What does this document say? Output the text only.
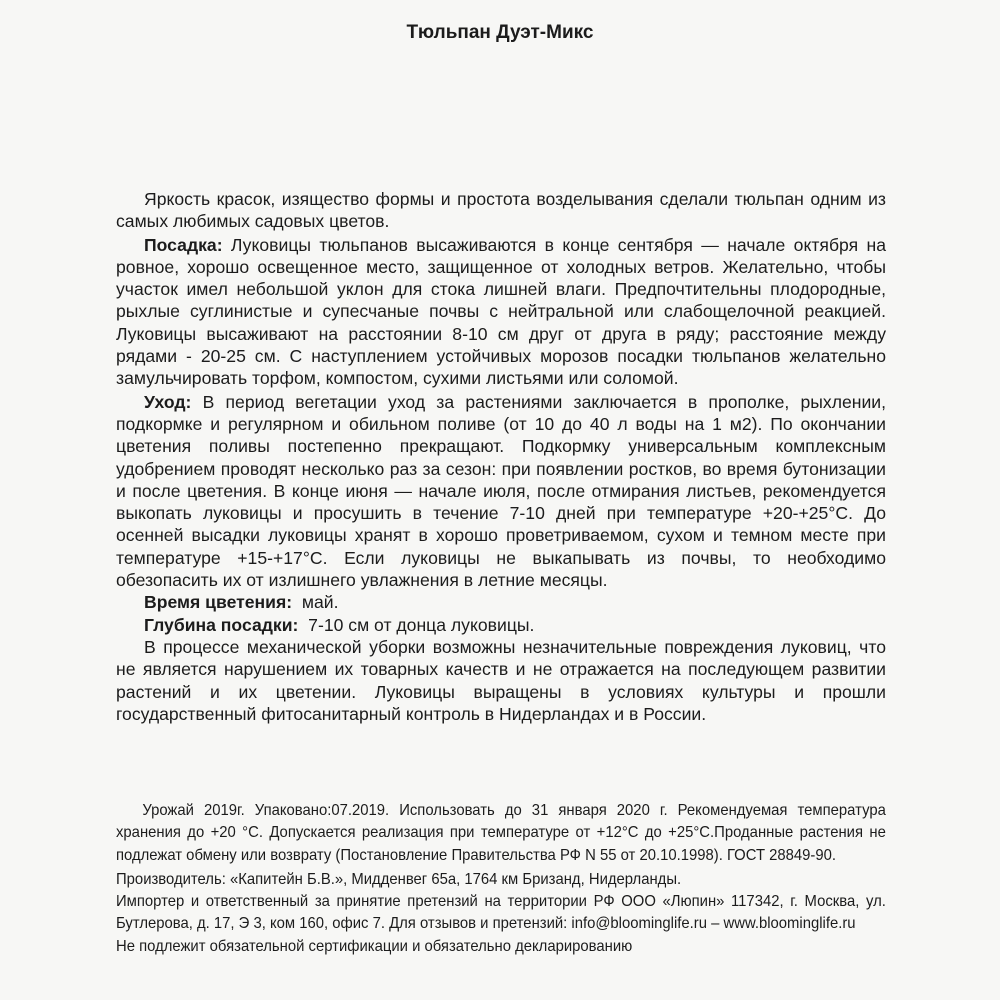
Тюльпан Дуэт-Микс

Яркость красок, изящество формы и простота возделывания сделали тюльпан одним из самых любимых садовых цветов.

Посадка: Луковицы тюльпанов высаживаются в конце сентября — начале октября на ровное, хорошо освещенное место, защищенное от холодных ветров. Желательно, чтобы участок имел небольшой уклон для стока лишней влаги. Предпочтительны плодородные, рыхлые суглинистые и супесчаные почвы с нейтральной или слабощелочной реакцией. Луковицы высаживают на расстоянии 8-10 см друг от друга в ряду; расстояние между рядами - 20-25 см. С наступлением устойчивых морозов посадки тюльпанов желательно замульчировать торфом, компостом, сухими листьями или соломой.

Уход: В период вегетации уход за растениями заключается в прополке, рыхлении, подкормке и регулярном и обильном поливе (от 10 до 40 л воды на 1 м2). По окончании цветения поливы постепенно прекращают. Подкормку универсальным комплексным удобрением проводят несколько раз за сезон: при появлении ростков, во время бутонизации и после цветения. В конце июня — начале июля, после отмирания листьев, рекомендуется выкопать луковицы и просушить в течение 7-10 дней при температуре +20-+25°С. До осенней высадки луковицы хранят в хорошо проветриваемом, сухом и темном месте при температуре +15-+17°С. Если луковицы не выкапывать из почвы, то необходимо обезопасить их от излишнего увлажнения в летние месяцы.

Время цветения: май.

Глубина посадки: 7-10 см от донца луковицы.

В процессе механической уборки возможны незначительные повреждения луковиц, что не является нарушением их товарных качеств и не отражается на последующем развитии растений и их цветении. Луковицы выращены в условиях культуры и прошли государственный фитосанитарный контроль в Нидерландах и в России.

Урожай 2019г. Упаковано:07.2019. Использовать до 31 января 2020 г. Рекомендуемая температура хранения до +20 °С. Допускается реализация при температуре от +12°С до +25°С.Проданные растения не подлежат обмену или возврату (Постановление Правительства РФ N 55 от 20.10.1998). ГОСТ 28849-90.

Производитель: «Капитейн Б.В.», Мидденвег 65а, 1764 км Бризанд, Нидерланды.

Импортер и ответственный за принятие претензий на территории РФ ООО «Люпин» 117342, г. Москва, ул. Бутлерова, д. 17, Э 3, ком 160, офис 7. Для отзывов и претензий: info@bloominglife.ru – www.bloominglife.ru

Не подлежит обязательной сертификации и обязательно декларированию
